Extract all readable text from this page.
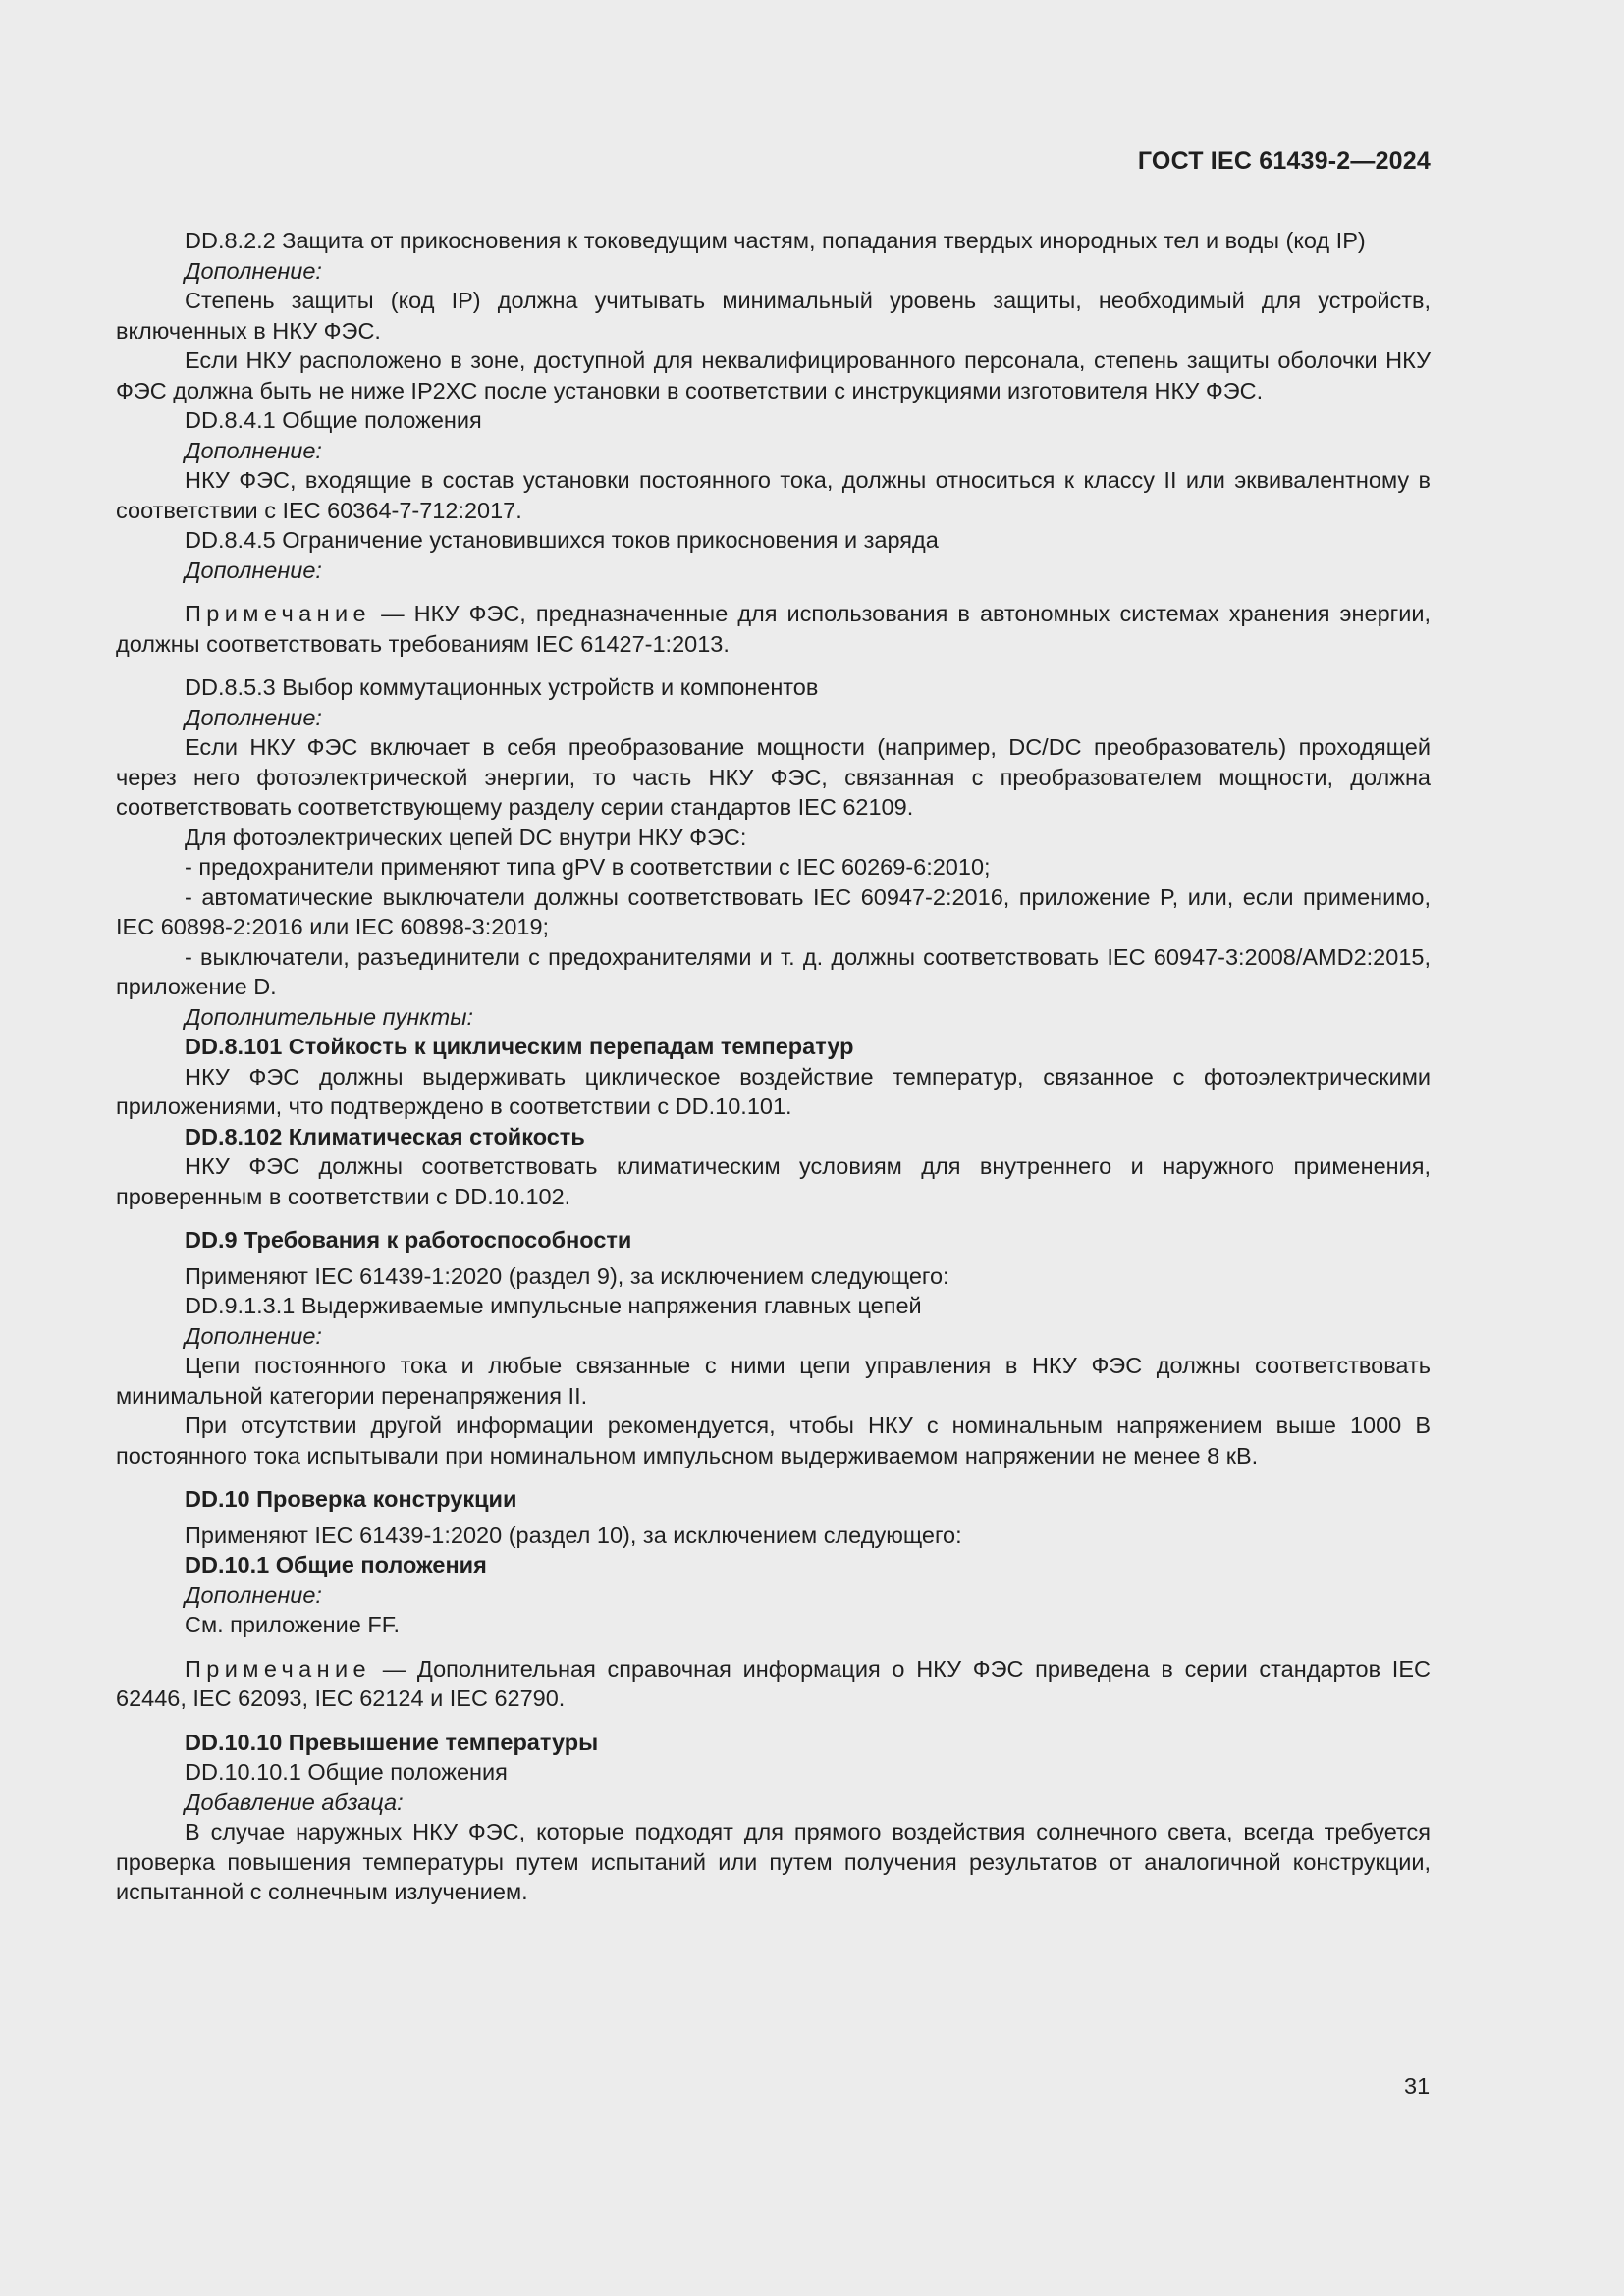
ГОСТ IEC 61439-2—2024

DD.8.2.2 Защита от прикосновения к токоведущим частям, попадания твердых инородных тел и воды (код IP)

Дополнение:

Степень защиты (код IP) должна учитывать минимальный уровень защиты, необходимый для устройств, включенных в НКУ ФЭС.

Если НКУ расположено в зоне, доступной для неквалифицированного персонала, степень защиты оболочки НКУ ФЭС должна быть не ниже IP2XC после установки в соответствии с инструкциями изготовителя НКУ ФЭС.

DD.8.4.1 Общие положения

Дополнение:

НКУ ФЭС, входящие в состав установки постоянного тока, должны относиться к классу II или эквивалентному в соответствии с IEC 60364-7-712:2017.

DD.8.4.5 Ограничение установившихся токов прикосновения и заряда

Дополнение:

Примечание — НКУ ФЭС, предназначенные для использования в автономных системах хранения энергии, должны соответствовать требованиям IEC 61427-1:2013.

DD.8.5.3 Выбор коммутационных устройств и компонентов

Дополнение:

Если НКУ ФЭС включает в себя преобразование мощности (например, DC/DC преобразователь) проходящей через него фотоэлектрической энергии, то часть НКУ ФЭС, связанная с преобразователем мощности, должна соответствовать соответствующему разделу серии стандартов IEC 62109.

Для фотоэлектрических цепей DC внутри НКУ ФЭС:

- предохранители применяют типа gPV в соответствии с IEC 60269-6:2010;

- автоматические выключатели должны соответствовать IEC 60947-2:2016, приложение P, или, если применимо, IEC 60898-2:2016 или IEC 60898-3:2019;

- выключатели, разъединители с предохранителями и т. д. должны соответствовать IEC 60947-3:2008/AMD2:2015, приложение D.

Дополнительные пункты:

DD.8.101 Стойкость к циклическим перепадам температур

НКУ ФЭС должны выдерживать циклическое воздействие температур, связанное с фотоэлектрическими приложениями, что подтверждено в соответствии с DD.10.101.

DD.8.102 Климатическая стойкость

НКУ ФЭС должны соответствовать климатическим условиям для внутреннего и наружного применения, проверенным в соответствии с DD.10.102.

DD.9 Требования к работоспособности

Применяют IEC 61439-1:2020 (раздел 9), за исключением следующего:

DD.9.1.3.1 Выдерживаемые импульсные напряжения главных цепей

Дополнение:

Цепи постоянного тока и любые связанные с ними цепи управления в НКУ ФЭС должны соответствовать минимальной категории перенапряжения II.

При отсутствии другой информации рекомендуется, чтобы НКУ с номинальным напряжением выше 1000 В постоянного тока испытывали при номинальном импульсном выдерживаемом напряжении не менее 8 кВ.

DD.10 Проверка конструкции

Применяют IEC 61439-1:2020 (раздел 10), за исключением следующего:

DD.10.1 Общие положения

Дополнение:

См. приложение FF.

Примечание — Дополнительная справочная информация о НКУ ФЭС приведена в серии стандартов IEC 62446, IEC 62093, IEC 62124 и IEC 62790.

DD.10.10 Превышение температуры

DD.10.10.1 Общие положения

Добавление абзаца:

В случае наружных НКУ ФЭС, которые подходят для прямого воздействия солнечного света, всегда требуется проверка повышения температуры путем испытаний или путем получения результатов от аналогичной конструкции, испытанной с солнечным излучением.

31
